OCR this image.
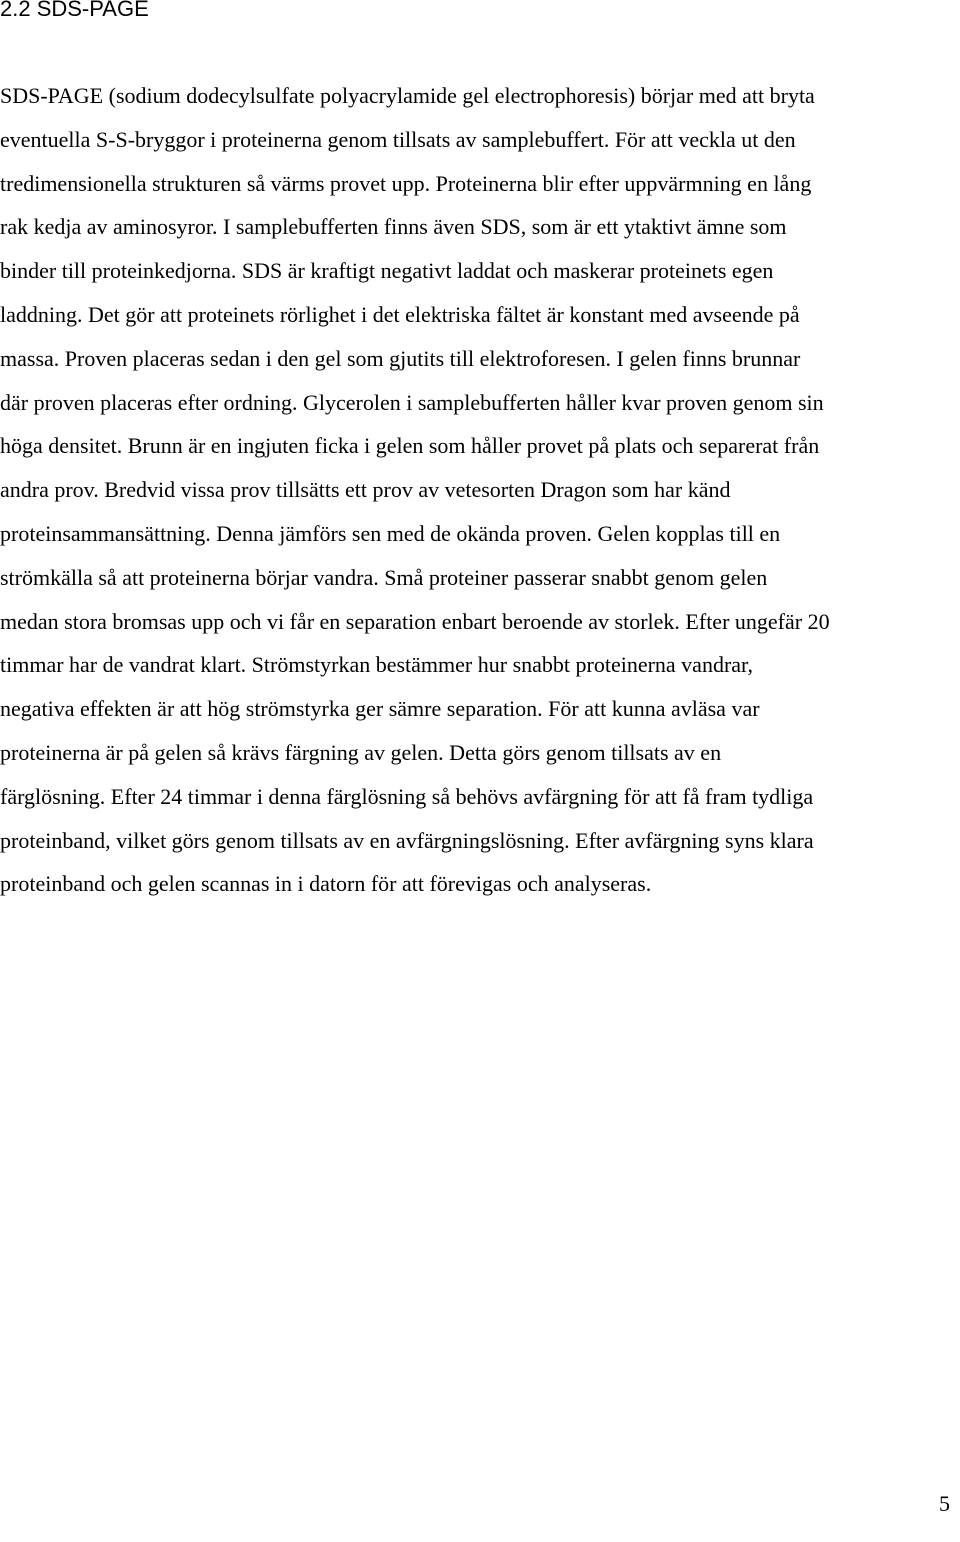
2.2 SDS-PAGE

SDS-PAGE (sodium dodecylsulfate polyacrylamide gel electrophoresis) börjar med att bryta
eventuella S-S-bryggor i proteinerna genom tillsats av samplebuffert. För att veckla ut den
tredimensionella strukturen så värms provet upp. Proteinerna blir efter uppvärmning en lång
rak kedja av aminosyror. I samplebufferten finns även SDS, som är ett ytaktivt ämne som
binder till proteinkedjorna. SDS är kraftigt negativt laddat och maskerar proteinets egen
laddning. Det gör att proteinets rörlighet i det elektriska fältet är konstant med avseende på
massa. Proven placeras sedan i den gel som gjutits till elektroforesen. I gelen finns brunnar
där proven placeras efter ordning. Glycerolen i samplebufferten håller kvar proven genom sin
höga densitet. Brunn är en ingjuten ficka i gelen som håller provet på plats och separerat från
andra prov. Bredvid vissa prov tillsätts ett prov av vetesorten Dragon som har känd
proteinsammansättning. Denna jämförs sen med de okända proven. Gelen kopplas till en
strömkälla så att proteinerna börjar vandra. Små proteiner passerar snabbt genom gelen
medan stora bromsas upp och vi får en separation enbart beroende av storlek. Efter ungefär 20
timmar har de vandrat klart. Strömstyrkan bestämmer hur snabbt proteinerna vandrar,
negativa effekten är att hög strömstyrka ger sämre separation. För att kunna avläsa var
proteinerna är på gelen så krävs färgning av gelen. Detta görs genom tillsats av en
färglösning. Efter 24 timmar i denna färglösning så behövs avfärgning för att få fram tydliga
proteinband, vilket görs genom tillsats av en avfärgningslösning. Efter avfärgning syns klara
proteinband och gelen scannas in i datorn för att förevigas och analyseras.

5
